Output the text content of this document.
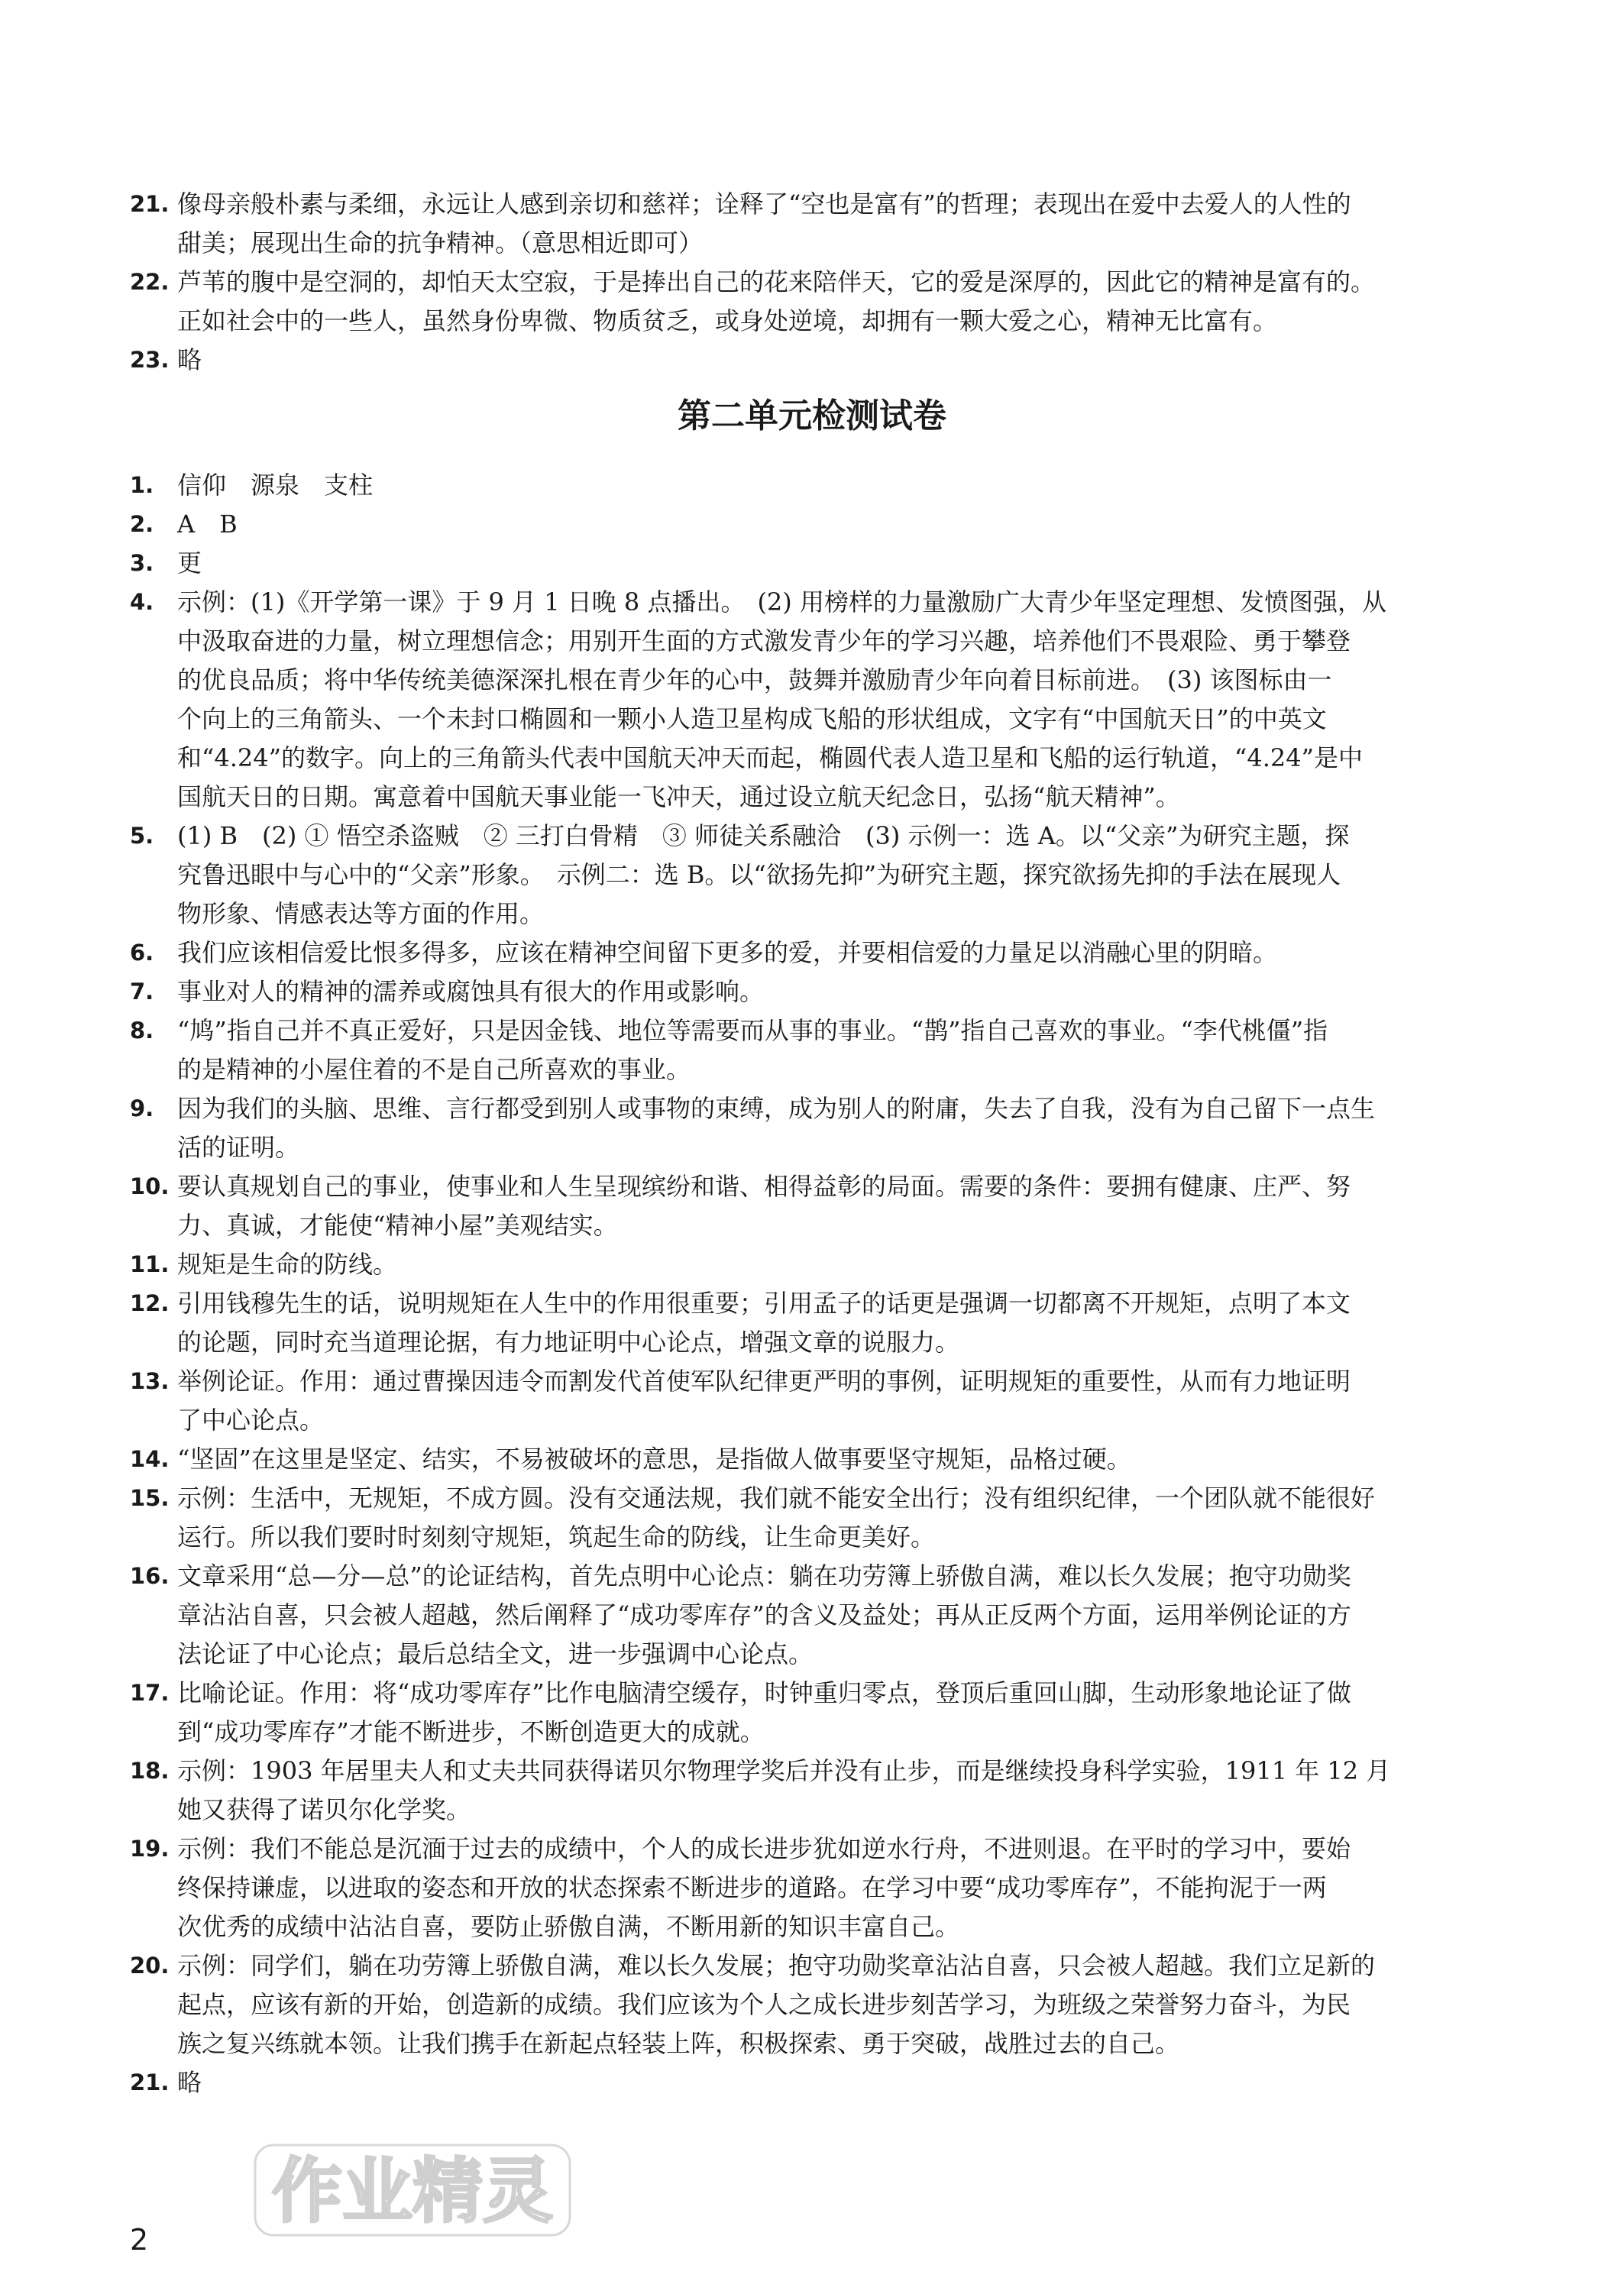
21. 像母亲般朴素与柔细，永远让人感到亲切和慈祥；诠释了“空也是富有”的哲理；表现出在爱中去爱人的人性的
甜美；展现出生命的抗争精神。（意思相近即可）
22. 芦苇的腹中是空洞的，却怕天太空寂，于是捧出自己的花来陪伴天，它的爱是深厚的，因此它的精神是富有的。
正如社会中的一些人，虽然身份卑微、物质贫乏，或身处逆境，却拥有一颗大爱之心，精神无比富有。
23. 略
第二单元检测试卷
1. 信仰　源泉　支柱
2. A　B
3. 更
4. 示例：(1)《开学第一课》于 9 月 1 日晚 8 点播出。　(2) 用榜样的力量激励广大青少年坚定理想、发愤图强，从
中汲取奋进的力量，树立理想信念；用别开生面的方式激发青少年的学习兴趣，培养他们不畏艰险、勇于攀登
的优良品质；将中华传统美德深深扎根在青少年的心中，鼓舞并激励青少年向着目标前进。　(3) 该图标由一
个向上的三角箭头、一个未封口椭圆和一颗小人造卫星构成飞船的形状组成，文字有“中国航天日”的中英文
和“4.24”的数字。向上的三角箭头代表中国航天冲天而起，椭圆代表人造卫星和飞船的运行轨道，“4.24”是中
国航天日的日期。寓意着中国航天事业能一飞冲天，通过设立航天纪念日，弘扬“航天精神”。
5. (1) B　(2) ① 悟空杀盗贼　② 三打白骨精　③ 师徒关系融洽　(3) 示例一：选 A。以“父亲”为研究主题，探
究鲁迅眼中与心中的“父亲”形象。　示例二：选 B。以“欲扬先抑”为研究主题，探究欲扬先抑的手法在展现人
物形象、情感表达等方面的作用。
6. 我们应该相信爱比恨多得多，应该在精神空间留下更多的爱，并要相信爱的力量足以消融心里的阴暗。
7. 事业对人的精神的濡养或腐蚀具有很大的作用或影响。
8. “鸠”指自己并不真正爱好，只是因金钱、地位等需要而从事的事业。“鹊”指自己喜欢的事业。“李代桃僵”指
的是精神的小屋住着的不是自己所喜欢的事业。
9. 因为我们的头脑、思维、言行都受到别人或事物的束缚，成为别人的附庸，失去了自我，没有为自己留下一点生
活的证明。
10. 要认真规划自己的事业，使事业和人生呈现缤纷和谐、相得益彰的局面。需要的条件：要拥有健康、庄严、努
力、真诚，才能使“精神小屋”美观结实。
11. 规矩是生命的防线。
12. 引用钱穆先生的话，说明规矩在人生中的作用很重要；引用孟子的话更是强调一切都离不开规矩，点明了本文
的论题，同时充当道理论据，有力地证明中心论点，增强文章的说服力。
13. 举例论证。作用：通过曹操因违令而割发代首使军队纪律更严明的事例，证明规矩的重要性，从而有力地证明
了中心论点。
14. “坚固”在这里是坚定、结实，不易被破坏的意思，是指做人做事要坚守规矩，品格过硬。
15. 示例：生活中，无规矩，不成方圆。没有交通法规，我们就不能安全出行；没有组织纪律，一个团队就不能很好
运行。所以我们要时时刻刻守规矩，筑起生命的防线，让生命更美好。
16. 文章采用“总—分—总”的论证结构，首先点明中心论点：躺在功劳簿上骄傲自满，难以长久发展；抱守功勋奖
章沾沾自喜，只会被人超越，然后阐释了“成功零库存”的含义及益处；再从正反两个方面，运用举例论证的方
法论证了中心论点；最后总结全文，进一步强调中心论点。
17. 比喻论证。作用：将“成功零库存”比作电脑清空缓存，时钟重归零点，登顶后重回山脚，生动形象地论证了做
到“成功零库存”才能不断进步，不断创造更大的成就。
18. 示例：1903 年居里夫人和丈夫共同获得诺贝尔物理学奖后并没有止步，而是继续投身科学实验，1911 年 12 月
她又获得了诺贝尔化学奖。
19. 示例：我们不能总是沉湎于过去的成绩中，个人的成长进步犹如逆水行舟，不进则退。在平时的学习中，要始
终保持谦虚，以进取的姿态和开放的状态探索不断进步的道路。在学习中要“成功零库存”，不能拘泥于一两
次优秀的成绩中沾沾自喜，要防止骄傲自满，不断用新的知识丰富自己。
20. 示例：同学们，躺在功劳簿上骄傲自满，难以长久发展；抱守功勋奖章沾沾自喜，只会被人超越。我们立足新的
起点，应该有新的开始，创造新的成绩。我们应该为个人之成长进步刻苦学习，为班级之荣誉努力奋斗，为民
族之复兴练就本领。让我们携手在新起点轻装上阵，积极探索、勇于突破，战胜过去的自己。
21. 略
作业精灵
2
